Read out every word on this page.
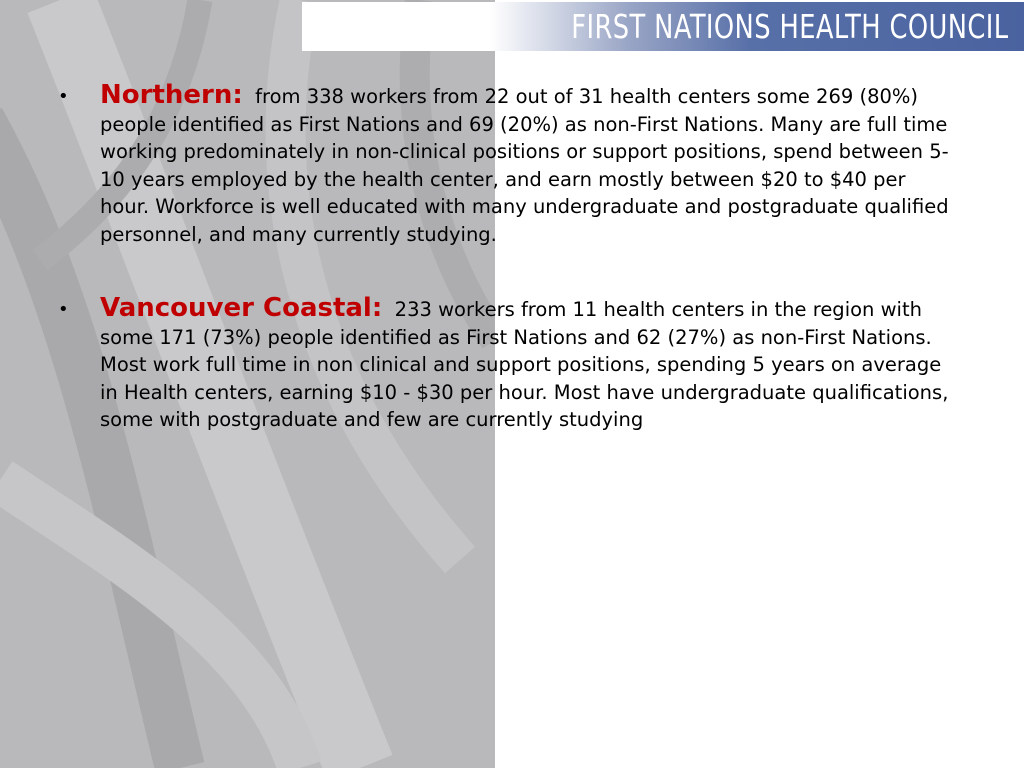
FIRST NATIONS HEALTH COUNCIL
• Northern: from 338 workers from 22 out of 31 health centers some 269 (80%) people identified as First Nations and 69 (20%) as non-First Nations. Many are full time working predominately in non-clinical positions or support positions, spend between 5-10 years employed by the health center, and earn mostly between $20 to $40 per hour. Workforce is well educated with many undergraduate and postgraduate qualified personnel, and many currently studying.
• Vancouver Coastal: 233 workers from 11 health centers in the region with some 171 (73%) people identified as First Nations and 62 (27%) as non-First Nations. Most work full time in non clinical and support positions, spending 5 years on average in Health centers, earning $10 - $30 per hour. Most have undergraduate qualifications, some with postgraduate and few are currently studying
